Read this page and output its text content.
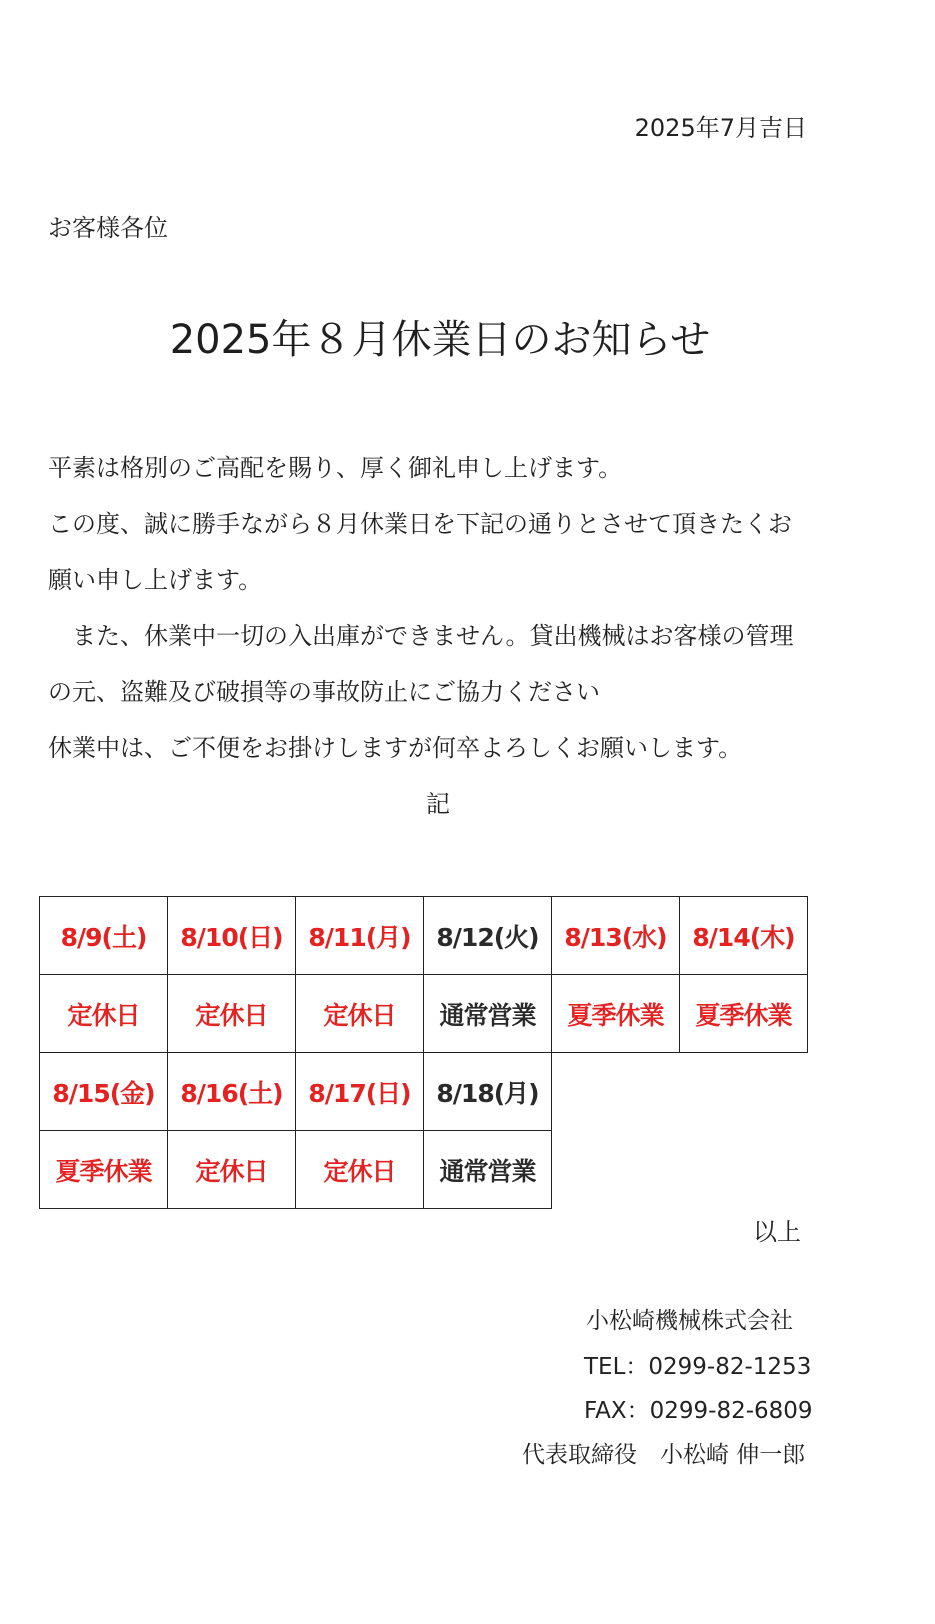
2025年7月吉日
お客様各位
2025年８月休業日のお知らせ

平素は格別のご高配を賜り、厚く御礼申し上げます。

この度、誠に勝手ながら８月休業日を下記の通りとさせて頂きたくお

願い申し上げます。

　また、休業中一切の入出庫ができません。貸出機械はお客様の管理

の元、盗難及び破損等の事故防止にご協力ください

休業中は、ご不便をお掛けしますが何卒よろしくお願いします。

記
8/9(土)	8/10(日)	8/11(月)	8/12(火)	8/13(水)	8/14(木)
定休日	定休日	定休日	通常営業	夏季休業	夏季休業
8/15(金)	8/16(土)	8/17(日)	8/18(月)		
夏季休業	定休日	定休日	通常営業		
以上
小松崎機械株式会社
TEL：0299-82-1253
FAX：0299-82-6809
代表取締役　小松崎 伸一郎
